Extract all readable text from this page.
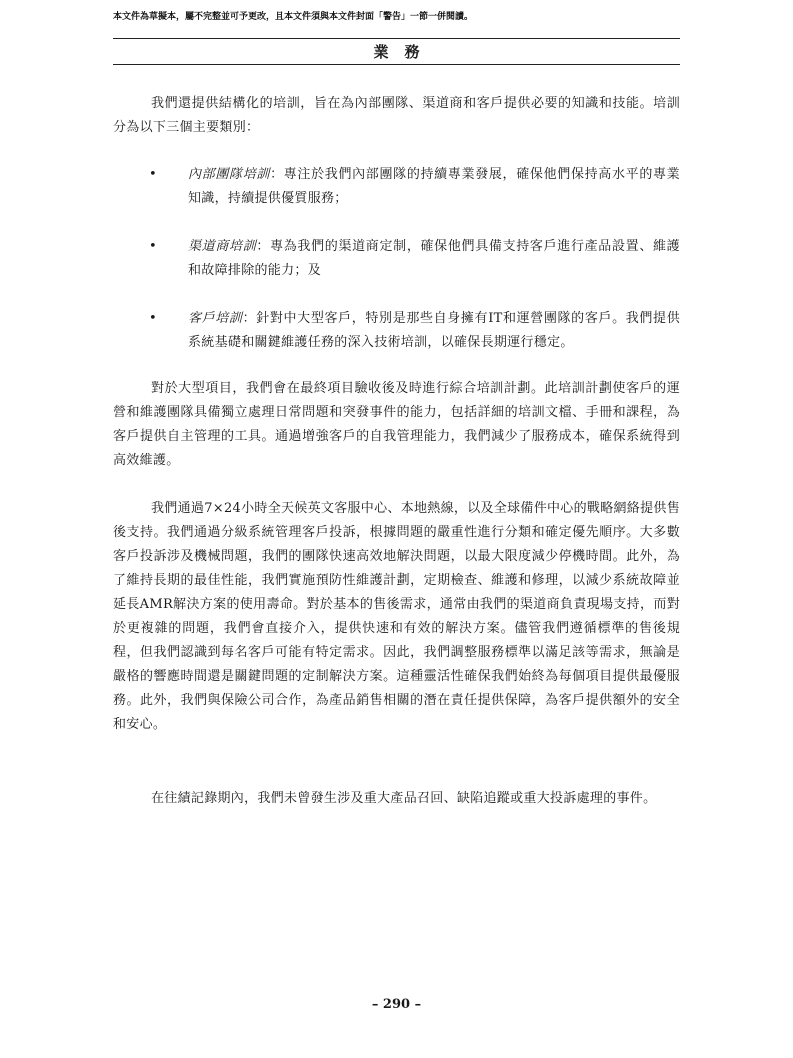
本文件為草擬本，屬不完整並可予更改，且本文件須與本文件封面「警告」一節一併閱讀。
業務

我們還提供結構化的培訓，旨在為內部團隊、渠道商和客戶提供必要的知識和技能。培訓分為以下三個主要類別：

• 內部團隊培訓：專注於我們內部團隊的持續專業發展，確保他們保持高水平的專業知識，持續提供優質服務；
• 渠道商培訓：專為我們的渠道商定制，確保他們具備支持客戶進行產品設置、維護和故障排除的能力；及
• 客戶培訓：針對中大型客戶，特別是那些自身擁有IT和運營團隊的客戶。我們提供系統基礎和關鍵維護任務的深入技術培訓，以確保長期運行穩定。

對於大型項目，我們會在最終項目驗收後及時進行綜合培訓計劃。此培訓計劃使客戶的運營和維護團隊具備獨立處理日常問題和突發事件的能力，包括詳細的培訓文檔、手冊和課程，為客戶提供自主管理的工具。通過增強客戶的自我管理能力，我們減少了服務成本，確保系統得到高效維護。

我們通過7×24小時全天候英文客服中心、本地熱線，以及全球備件中心的戰略網絡提供售後支持。我們通過分級系統管理客戶投訴，根據問題的嚴重性進行分類和確定優先順序。大多數客戶投訴涉及機械問題，我們的團隊快速高效地解決問題，以最大限度減少停機時間。此外，為了維持長期的最佳性能，我們實施預防性維護計劃，定期檢查、維護和修理，以減少系統故障並延長AMR解決方案的使用壽命。對於基本的售後需求，通常由我們的渠道商負責現場支持，而對於更複雜的問題，我們會直接介入，提供快速和有效的解決方案。儘管我們遵循標準的售後規程，但我們認識到每名客戶可能有特定需求。因此，我們調整服務標準以滿足該等需求，無論是嚴格的響應時間還是關鍵問題的定制解決方案。這種靈活性確保我們始終為每個項目提供最優服務。此外，我們與保險公司合作，為產品銷售相關的潛在責任提供保障，為客戶提供額外的安全和安心。

在往績記錄期內，我們未曾發生涉及重大產品召回、缺陷追蹤或重大投訴處理的事件。

– 290 –
